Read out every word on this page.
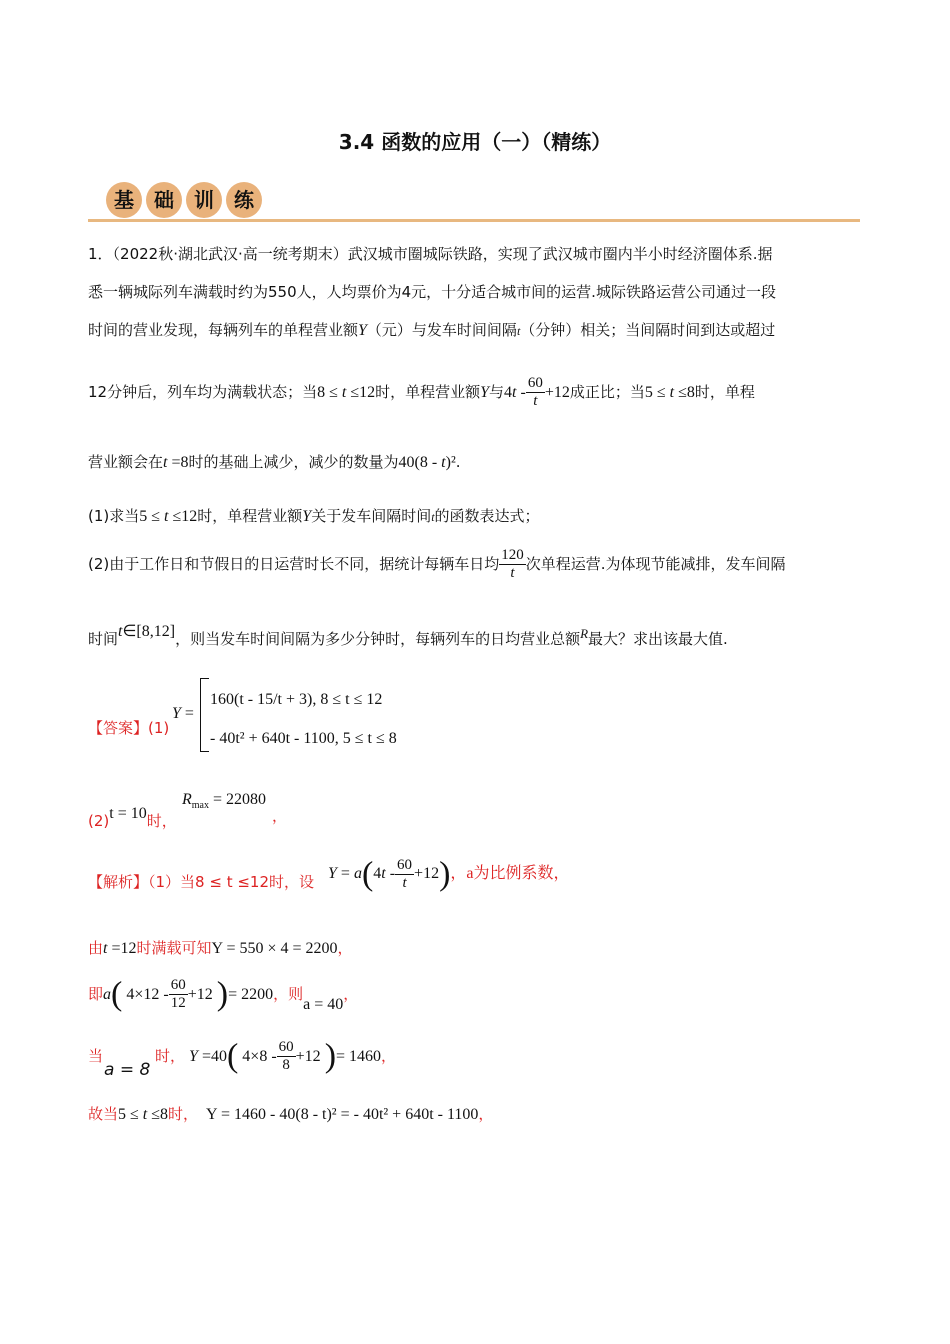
3.4 函数的应用（一）（精练）
基 础 训 练
1．（2022秋·湖北武汉·高一统考期末）武汉城市圈城际铁路，实现了武汉城市圈内半小时经济圈体系.据
悉一辆城际列车满载时约为550人，人均票价为4元，十分适合城市间的运营.城际铁路运营公司通过一段
时间的营业发现，每辆列车的单程营业额Y（元）与发车时间间隔t（分钟）相关；当间隔时间到达或超过
12分钟后，列车均为满载状态；当8 ≤ t ≤12时，单程营业额Y与$4t - \frac{60}{t} +12$成正比；当5 ≤ t ≤8时，单程
营业额会在t =8时的基础上减少，减少的数量为40(8 - t)².
(1)求当5 ≤ t ≤12时，单程营业额Y关于发车间隔时间t的函数表达式；
(2)由于工作日和节假日的日运营时长不同，据统计每辆车日均 $\frac{120}{t}$ 次单程运营.为体现节能减排，发车间隔
时间t∈[8,12]，则当发车时间间隔为多少分钟时，每辆列车的日均营业总额R最大？求出该最大值.
【答案】(1)
Y =
160(t - 15/t + 3), 8 ≤ t ≤ 12
- 40t² + 640t - 1100, 5 ≤ t ≤ 8
(2)t = 10时，
$R_{max} = 22080$
，
【解析】（1）当8 ≤ t ≤12时，设 $Y = a(4t - \frac{60}{t} +12)$，a为比例系数，
由t =12时满载可知Y = 550 × 4 = 2200，
即a( $4\times 12 - \frac{60}{12} +12$ )= 2200，则a = 40，
当	时， Y =40( $4\times 8 - \frac{60}{8} +12$ )= 1460，
a = 8
故当5 ≤ t ≤8时， Y = 1460 - 40(8 - t)² = - 40t² + 640t - 1100，
